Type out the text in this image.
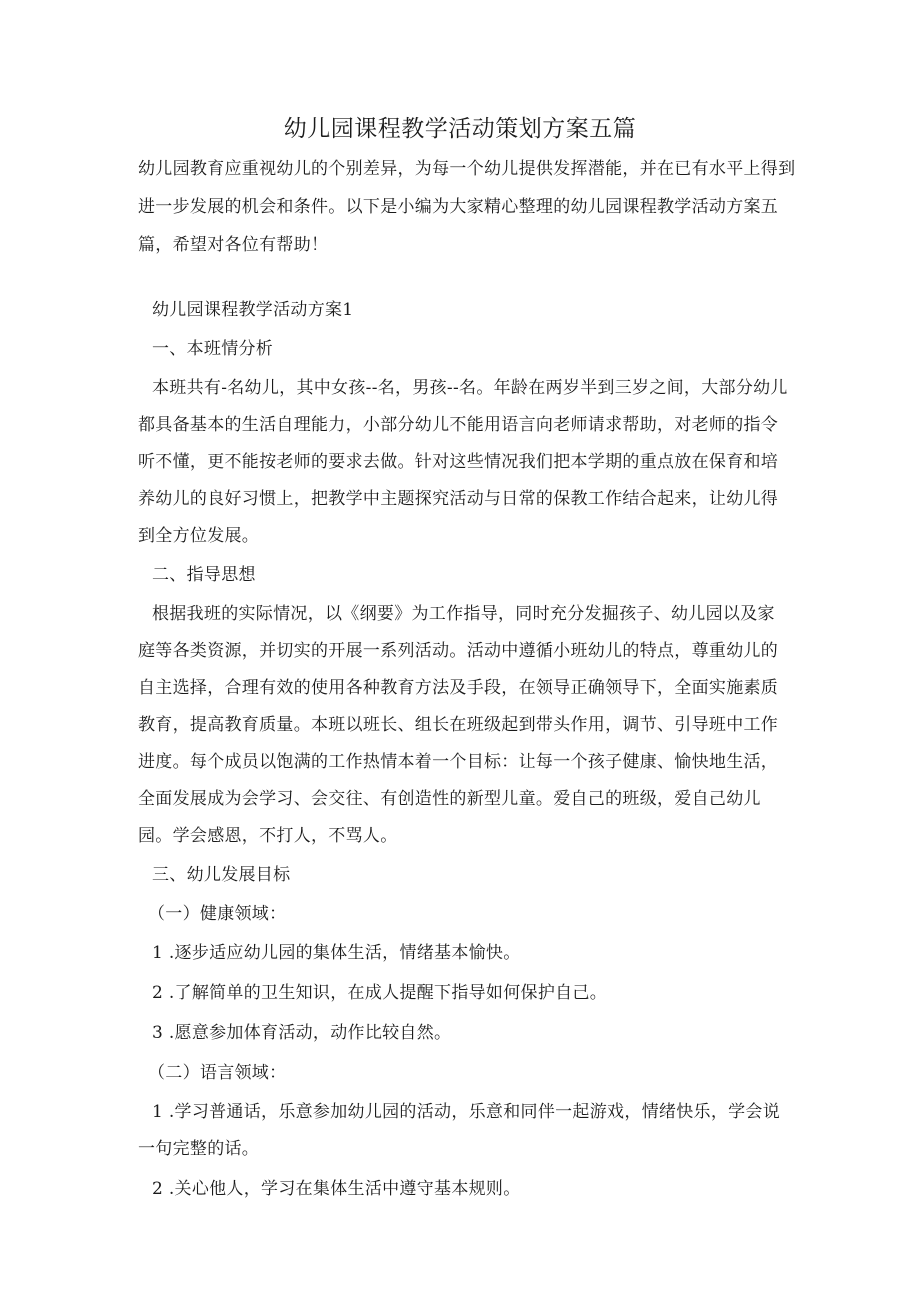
幼儿园课程教学活动策划方案五篇
幼儿园教育应重视幼儿的个别差异，为每一个幼儿提供发挥潜能，并在已有水平上得到进一步发展的机会和条件。以下是小编为大家精心整理的幼儿园课程教学活动方案五篇，希望对各位有帮助！
幼儿园课程教学活动方案1
一、本班情分析
本班共有-名幼儿，其中女孩--名，男孩--名。年龄在两岁半到三岁之间，大部分幼儿都具备基本的生活自理能力，小部分幼儿不能用语言向老师请求帮助，对老师的指令听不懂，更不能按老师的要求去做。针对这些情况我们把本学期的重点放在保育和培养幼儿的良好习惯上，把教学中主题探究活动与日常的保教工作结合起来，让幼儿得到全方位发展。
二、指导思想
根据我班的实际情况，以《纲要》为工作指导，同时充分发掘孩子、幼儿园以及家庭等各类资源，并切实的开展一系列活动。活动中遵循小班幼儿的特点，尊重幼儿的自主选择，合理有效的使用各种教育方法及手段，在领导正确领导下，全面实施素质教育，提高教育质量。本班以班长、组长在班级起到带头作用，调节、引导班中工作进度。每个成员以饱满的工作热情本着一个目标：让每一个孩子健康、愉快地生活，全面发展成为会学习、会交往、有创造性的新型儿童。爱自己的班级，爱自己幼儿园。学会感恩，不打人，不骂人。
三、幼儿发展目标
（一）健康领域：
1 .逐步适应幼儿园的集体生活，情绪基本愉快。
2 .了解简单的卫生知识，在成人提醒下指导如何保护自己。
3 .愿意参加体育活动，动作比较自然。
（二）语言领域：
1 .学习普通话，乐意参加幼儿园的活动，乐意和同伴一起游戏，情绪快乐，学会说
一句完整的话。
2 .关心他人，学习在集体生活中遵守基本规则。
